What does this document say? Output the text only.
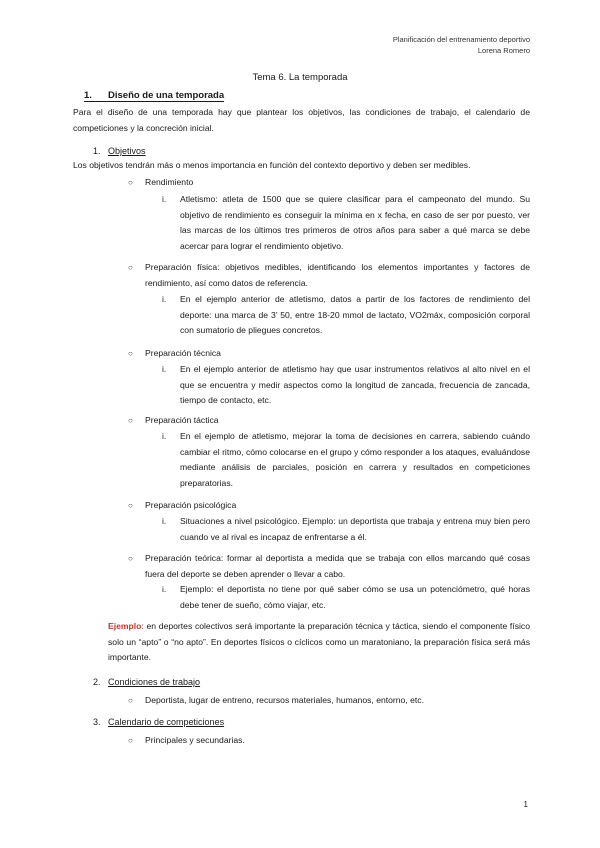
Planificación del entrenamiento deportivo
Lorena Romero
Tema 6. La temporada
1. Diseño de una temporada
Para el diseño de una temporada hay que plantear los objetivos, las condiciones de trabajo, el calendario de competiciones y la concreción inicial.
1. Objetivos
Los objetivos tendrán más o menos importancia en función del contexto deportivo y deben ser medibles.
○ Rendimiento
i. Atletismo: atleta de 1500 que se quiere clasificar para el campeonato del mundo. Su objetivo de rendimiento es conseguir la mínima en x fecha, en caso de ser por puesto, ver las marcas de los últimos tres primeros de otros años para saber a qué marca se debe acercar para lograr el rendimiento objetivo.
○ Preparación física: objetivos medibles, identificando los elementos importantes y factores de rendimiento, así como datos de referencia.
i. En el ejemplo anterior de atletismo, datos a partir de los factores de rendimiento del deporte: una marca de 3’ 50, entre 18-20 mmol de lactato, VO2máx, composición corporal con sumatorio de pliegues concretos.
○ Preparación técnica
i. En el ejemplo anterior de atletismo hay que usar instrumentos relativos al alto nivel en el que se encuentra y medir aspectos como la longitud de zancada, frecuencia de zancada, tiempo de contacto, etc.
○ Preparación táctica
i. En el ejemplo de atletismo, mejorar la toma de decisiones en carrera, sabiendo cuándo cambiar el ritmo, cómo colocarse en el grupo y cómo responder a los ataques, evaluándose mediante análisis de parciales, posición en carrera y resultados en competiciones preparatorias.
○ Preparación psicológica
i. Situaciones a nivel psicológico. Ejemplo: un deportista que trabaja y entrena muy bien pero cuando ve al rival es incapaz de enfrentarse a él.
○ Preparación teórica: formar al deportista a medida que se trabaja con ellos marcando qué cosas fuera del deporte se deben aprender o llevar a cabo.
i. Ejemplo: el deportista no tiene por qué saber cómo se usa un potenciómetro, qué horas debe tener de sueño, cómo viajar, etc.
Ejemplo: en deportes colectivos será importante la preparación técnica y táctica, siendo el componente físico solo un “apto” o “no apto”. En deportes físicos o cíclicos como un maratoniano, la preparación física será más importante.
2. Condiciones de trabajo
○ Deportista, lugar de entreno, recursos materiales, humanos, entorno, etc.
3. Calendario de competiciones
○ Principales y secundarias.
1
